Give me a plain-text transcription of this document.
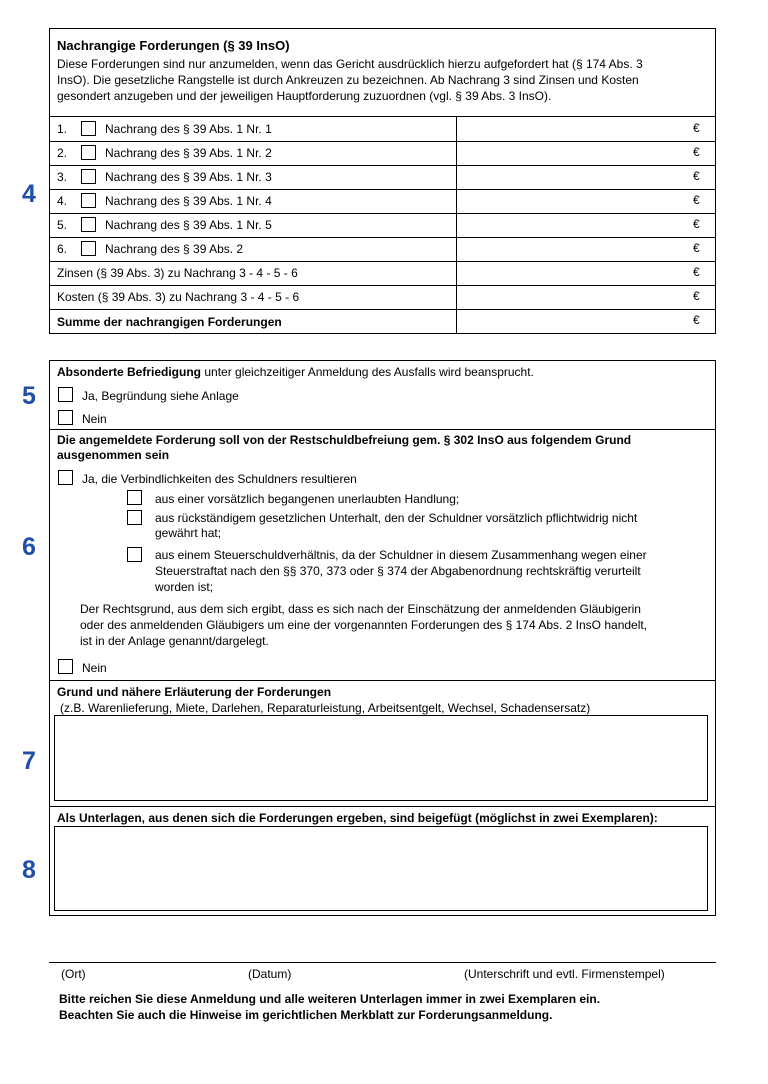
4
5
6
7
8
Nachrangige Forderungen (§ 39 InsO)
Diese Forderungen sind nur anzumelden, wenn das Gericht ausdrücklich hierzu aufgefordert hat (§ 174 Abs. 3
InsO). Die gesetzliche Rangstelle ist durch Ankreuzen zu bezeichnen. Ab Nachrang 3 sind Zinsen und Kosten
gesondert anzugeben und der jeweiligen Hauptforderung zuzuordnen (vgl. § 39 Abs. 3 InsO).
1.	Nachrang des § 39 Abs. 1 Nr. 1	€
2.	Nachrang des § 39 Abs. 1 Nr. 2	€
3.	Nachrang des § 39 Abs. 1 Nr. 3	€
4.	Nachrang des § 39 Abs. 1 Nr. 4	€
5.	Nachrang des § 39 Abs. 1 Nr. 5	€
6.	Nachrang des § 39 Abs. 2	€
Zinsen (§ 39 Abs. 3) zu Nachrang 3 - 4 - 5 - 6	€
Kosten (§ 39 Abs. 3) zu Nachrang 3 - 4 - 5 - 6	€
Summe der nachrangigen Forderungen	€
Absonderte Befriedigung unter gleichzeitiger Anmeldung des Ausfalls wird beansprucht.
Ja, Begründung siehe Anlage
Nein
Die angemeldete Forderung soll von der Restschuldbefreiung gem. § 302 InsO aus folgendem Grund
ausgenommen sein
Ja, die Verbindlichkeiten des Schuldners resultieren
aus einer vorsätzlich begangenen unerlaubten Handlung;
aus rückständigem gesetzlichen Unterhalt, den der Schuldner vorsätzlich pflichtwidrig nicht
gewährt hat;
aus einem Steuerschuldverhältnis, da der Schuldner in diesem Zusammenhang wegen einer
Steuerstraftat nach den §§ 370, 373 oder § 374 der Abgabenordnung rechtskräftig verurteilt
worden ist;
Der Rechtsgrund, aus dem sich ergibt, dass es sich nach der Einschätzung der anmeldenden Gläubigerin
oder des anmeldenden Gläubigers um eine der vorgenannten Forderungen des § 174 Abs. 2 InsO handelt,
ist in der Anlage genannt/dargelegt.
Nein
Grund und nähere Erläuterung der Forderungen
(z.B. Warenlieferung, Miete, Darlehen, Reparaturleistung, Arbeitsentgelt, Wechsel, Schadensersatz)
Als Unterlagen, aus denen sich die Forderungen ergeben, sind beigefügt (möglichst in zwei Exemplaren):
(Ort)	(Datum)	(Unterschrift und evtl. Firmenstempel)
Bitte reichen Sie diese Anmeldung und alle weiteren Unterlagen immer in zwei Exemplaren ein.
Beachten Sie auch die Hinweise im gerichtlichen Merkblatt zur Forderungsanmeldung.
